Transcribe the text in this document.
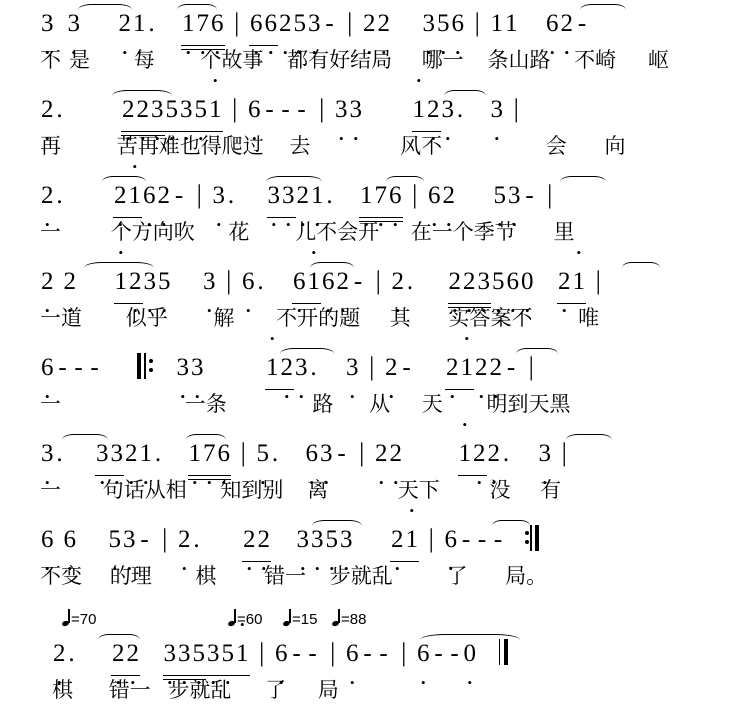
3 • 3 • 2 •1 • . 1 •7 •6 • | 6 •6 •2 •5 •3 • - | 2 •2 • 3 •5 •6 • | • 1• 1 6 •2 • -
不 是 每 个故事 都有好结局 哪一 条山路 不崎 岖
2 • . 2 •2 •3 •5 •3 •5 •• 1 | 6 • - - - | 3 •3 • • 12 •3 • . 3 • |
再	苦再难也得爬过 去	风不	会 向
2 • . 2 •• 16 •2 • - | 3 • . 3 •3 •2 •1 • . 1 •7 •6 • | 6 •2 • 5 •3 • - |
一 个方向吹 花 儿不会开 在一个季节 里
2 • 2 • • 12 •3 •5 • 3 • | 6 • . 6 •• 16 •2 • - | 2 • . 2 •2 •3 •5 •6 •0 • 2 •• 1 |
一道 似乎 解 不开的题 其 实答案不 唯
6 • - - -	3 •3 •	• 12 •3 • . 3 • | 2 • - 2 •• 12 •2 • - |
一	一条	路 从 天 明到天黑
3 • . 3 •3 •2 •1 • . 1 •7 •6 • | 5 • . 6 •3 • - | 2 •2 • • 12 •2 • . 3 • |
一 句话从相 知到别 离	天下 没 有
6 • 6 • 5 •3 • - | 2 • . 2 •2 • 3 •3 •5 •3 • 2 •• 1 | 6 • - - -
不变 的理 棋 错一 步就乱	了 局。
=70	=60	=15	=88
2 • . 2 •2 • 3 •3 •5 •3 •5 •• 1 | 6 • - - | 6 • - - | 6 • - - 0 •
棋 错一 步就乱 了 局
